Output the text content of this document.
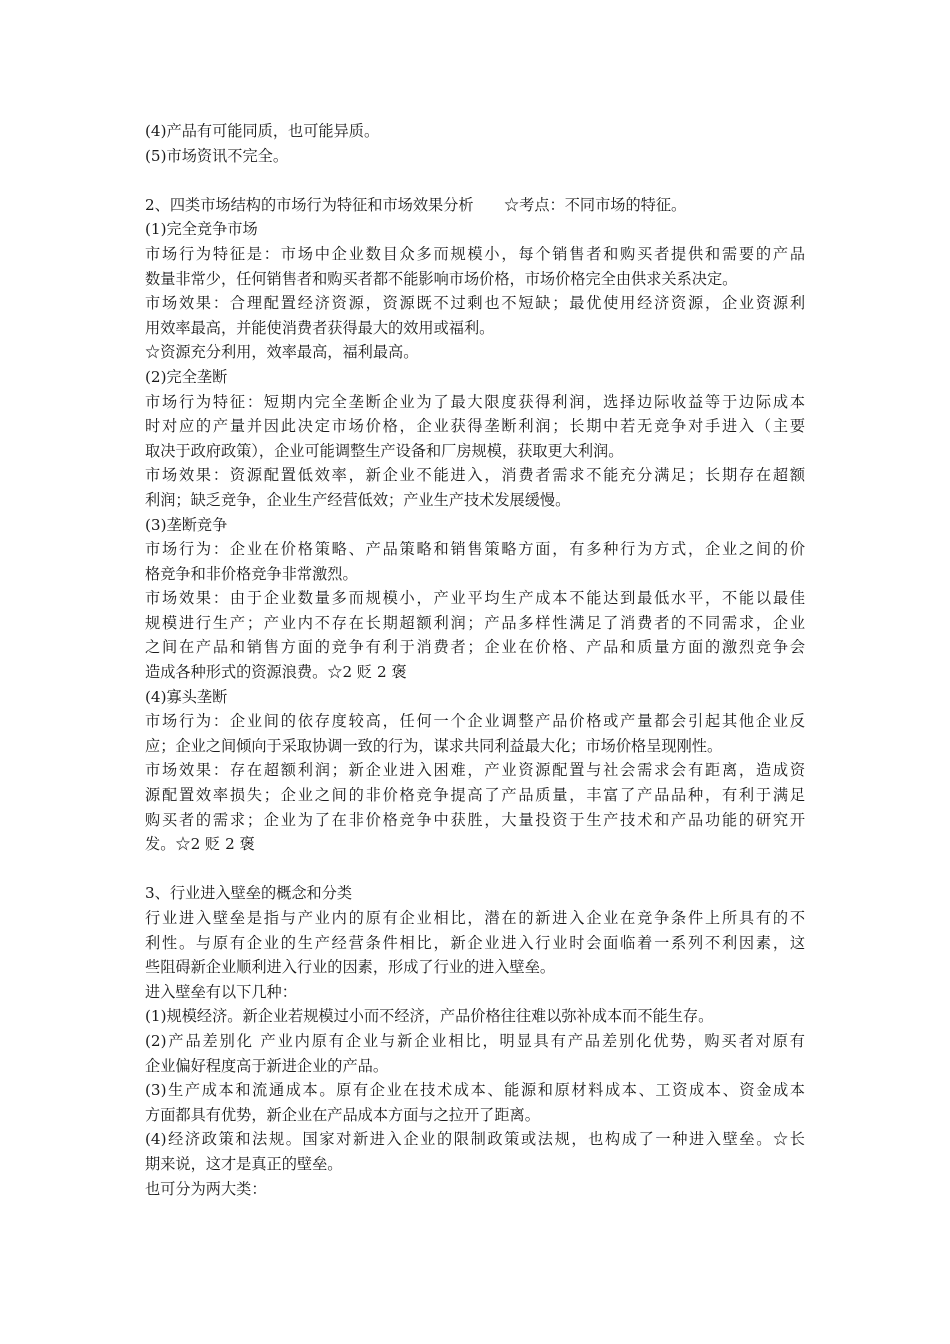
(4)产品有可能同质，也可能异质。
(5)市场资讯不完全。
2、四类市场结构的市场行为特征和市场效果分析　　☆考点：不同市场的特征。
(1)完全竞争市场
市场行为特征是：市场中企业数目众多而规模小，每个销售者和购买者提供和需要的产品
数量非常少，任何销售者和购买者都不能影响市场价格，市场价格完全由供求关系决定。
市场效果：合理配置经济资源，资源既不过剩也不短缺；最优使用经济资源，企业资源利
用效率最高，并能使消费者获得最大的效用或福利。
☆资源充分利用，效率最高，福利最高。
(2)完全垄断
市场行为特征：短期内完全垄断企业为了最大限度获得利润，选择边际收益等于边际成本
时对应的产量并因此决定市场价格，企业获得垄断利润；长期中若无竞争对手进入（主要
取决于政府政策），企业可能调整生产设备和厂房规模，获取更大利润。
市场效果：资源配置低效率，新企业不能进入，消费者需求不能充分满足；长期存在超额
利润；缺乏竞争，企业生产经营低效；产业生产技术发展缓慢。
(3)垄断竞争
市场行为：企业在价格策略、产品策略和销售策略方面，有多种行为方式，企业之间的价
格竞争和非价格竞争非常激烈。
市场效果：由于企业数量多而规模小，产业平均生产成本不能达到最低水平，不能以最佳
规模进行生产；产业内不存在长期超额利润；产品多样性满足了消费者的不同需求，企业
之间在产品和销售方面的竞争有利于消费者；企业在价格、产品和质量方面的激烈竞争会
造成各种形式的资源浪费。☆2 贬 2 褒
(4)寡头垄断
市场行为：企业间的依存度较高，任何一个企业调整产品价格或产量都会引起其他企业反
应；企业之间倾向于采取协调一致的行为，谋求共同利益最大化；市场价格呈现刚性。
市场效果：存在超额利润；新企业进入困难，产业资源配置与社会需求会有距离，造成资
源配置效率损失；企业之间的非价格竞争提高了产品质量，丰富了产品品种，有利于满足
购买者的需求；企业为了在非价格竞争中获胜，大量投资于生产技术和产品功能的研究开
发。☆2 贬 2 褒
3、行业进入壁垒的概念和分类
行业进入壁垒是指与产业内的原有企业相比，潜在的新进入企业在竞争条件上所具有的不
利性。与原有企业的生产经营条件相比，新企业进入行业时会面临着一系列不利因素，这
些阻碍新企业顺利进入行业的因素，形成了行业的进入壁垒。
进入壁垒有以下几种：
(1)规模经济。新企业若规模过小而不经济，产品价格往往难以弥补成本而不能生存。
(2)产品差别化 产业内原有企业与新企业相比，明显具有产品差别化优势，购买者对原有
企业偏好程度高于新进企业的产品。
(3)生产成本和流通成本。原有企业在技术成本、能源和原材料成本、工资成本、资金成本
方面都具有优势，新企业在产品成本方面与之拉开了距离。
(4)经济政策和法规。国家对新进入企业的限制政策或法规，也构成了一种进入壁垒。☆长
期来说，这才是真正的壁垒。
也可分为两大类：
